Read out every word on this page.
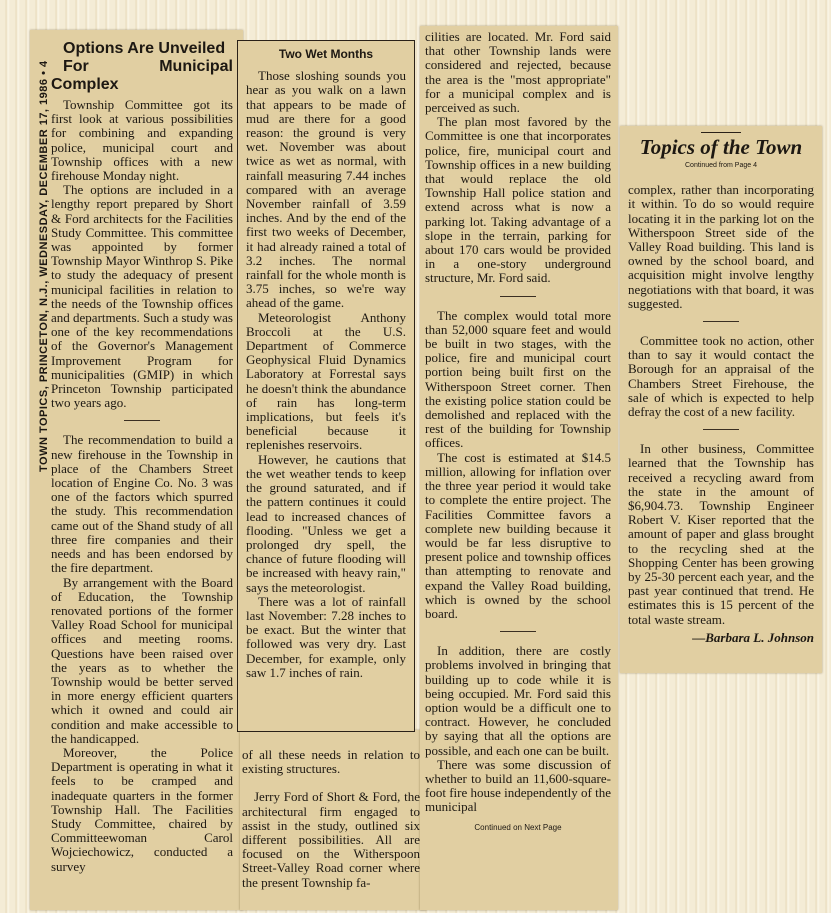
TOWN TOPICS, PRINCETON, N.J., WEDNESDAY, DECEMBER 17, 1986 • 4

Options Are Unveiled

For Municipal Complex

Township Committee got its first look at various possibilities for combining and expanding police, municipal court and Township offices with a new firehouse Monday night.

The options are included in a lengthy report prepared by Short & Ford architects for the Facilities Study Committee. This committee was appointed by former Township Mayor Winthrop S. Pike to study the adequacy of present municipal facilities in relation to the needs of the Township offices and departments. Such a study was one of the key recommendations of the Governor's Management Improvement Program for municipalities (GMIP) in which Princeton Township participated two years ago.

The recommendation to build a new firehouse in the Township in place of the Chambers Street location of Engine Co. No. 3 was one of the factors which spurred the study. This recommendation came out of the Shand study of all three fire companies and their needs and has been endorsed by the fire department.

By arrangement with the Board of Education, the Township renovated portions of the former Valley Road School for municipal offices and meeting rooms. Questions have been raised over the years as to whether the Township would be better served in more energy efficient quarters which it owned and could air condition and make accessible to the handicapped.

Moreover, the Police Department is operating in what it feels to be cramped and inadequate quarters in the former Township Hall. The Facilities Study Committee, chaired by Committeewoman Carol Wojciechowicz, conducted a survey

Two Wet Months

Those sloshing sounds you hear as you walk on a lawn that appears to be made of mud are there for a good reason: the ground is very wet. November was about twice as wet as normal, with rainfall measuring 7.44 inches compared with an average November rainfall of 3.59 inches. And by the end of the first two weeks of December, it had already rained a total of 3.2 inches. The normal rainfall for the whole month is 3.75 inches, so we're way ahead of the game.

Meteorologist Anthony Broccoli at the U.S. Department of Commerce Geophysical Fluid Dynamics Laboratory at Forrestal says he doesn't think the abundance of rain has long-term implications, but feels it's beneficial because it replenishes reservoirs.

However, he cautions that the wet weather tends to keep the ground saturated, and if the pattern continues it could lead to increased chances of flooding. "Unless we get a prolonged dry spell, the chance of future flooding will be increased with heavy rain," says the meteorologist.

There was a lot of rainfall last November: 7.28 inches to be exact. But the winter that followed was very dry. Last December, for example, only saw 1.7 inches of rain.

of all these needs in relation to existing structures.

Jerry Ford of Short & Ford, the architectural firm engaged to assist in the study, outlined six different possibilities. All are focused on the Witherspoon Street-Valley Road corner where the present Township fa-

cilities are located. Mr. Ford said that other Township lands were considered and rejected, because the area is the "most appropriate" for a municipal complex and is perceived as such.

The plan most favored by the Committee is one that incorporates police, fire, municipal court and Township offices in a new building that would replace the old Township Hall police station and extend across what is now a parking lot. Taking advantage of a slope in the terrain, parking for about 170 cars would be provided in a one-story underground structure, Mr. Ford said.

The complex would total more than 52,000 square feet and would be built in two stages, with the police, fire and municipal court portion being built first on the Witherspoon Street corner. Then the existing police station could be demolished and replaced with the rest of the building for Township offices.

The cost is estimated at $14.5 million, allowing for inflation over the three year period it would take to complete the entire project. The Facilities Committee favors a complete new building because it would be far less disruptive to present police and township offices than attempting to renovate and expand the Valley Road building, which is owned by the school board.

In addition, there are costly problems involved in bringing that building up to code while it is being occupied. Mr. Ford said this option would be a difficult one to contract. However, he concluded by saying that all the options are possible, and each one can be built.

There was some discussion of whether to build an 11,600-square-foot fire house independently of the municipal

Continued on Next Page
Topics of the Town
Continued from Page 4

complex, rather than incorporating it within. To do so would require locating it in the parking lot on the Witherspoon Street side of the Valley Road building. This land is owned by the school board, and acquisition might involve lengthy negotiations with that board, it was suggested.

Committee took no action, other than to say it would contact the Borough for an appraisal of the Chambers Street Firehouse, the sale of which is expected to help defray the cost of a new facility.

In other business, Committee learned that the Township has received a recycling award from the state in the amount of $6,904.73. Township Engineer Robert V. Kiser reported that the amount of paper and glass brought to the recycling shed at the Shopping Center has been growing by 25-30 percent each year, and the past year continued that trend. He estimates this is 15 percent of the total waste stream.

—Barbara L. Johnson
